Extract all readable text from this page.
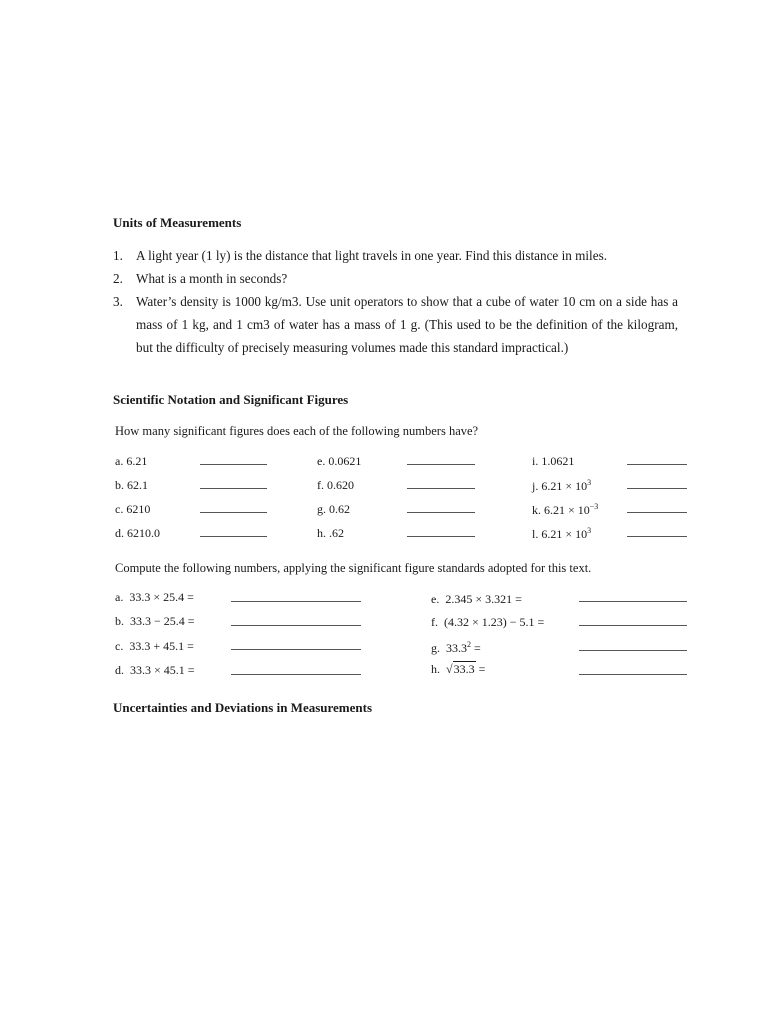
Units of Measurements
1. A light year (1 ly) is the distance that light travels in one year. Find this distance in miles.
2. What is a month in seconds?
3. Water’s density is 1000 kg/m3. Use unit operators to show that a cube of water 10 cm on a side has a mass of 1 kg, and 1 cm3 of water has a mass of 1 g. (This used to be the definition of the kilogram, but the difficulty of precisely measuring volumes made this standard impractical.)
Scientific Notation and Significant Figures
How many significant figures does each of the following numbers have?
a. 6.21
b. 62.1
c. 6210
d. 6210.0
e. 0.0621
f. 0.620
g. 0.62
h. .62
i. 1.0621
j. $6.21 \times 10^3$
k. $6.21 \times 10^{-3}$
l. $6.21 \times 10^3$
Compute the following numbers, applying the significant figure standards adopted for this text.
a. 33.3 × 25.4 =
b. 33.3 − 25.4 =
c. 33.3 + 45.1 =
d. 33.3 × 45.1 =
e. 2.345 × 3.321 =
f. (4.32 × 1.23) − 5.1 =
g. $33.3^2$ =
h. √33.3 =
Uncertainties and Deviations in Measurements
